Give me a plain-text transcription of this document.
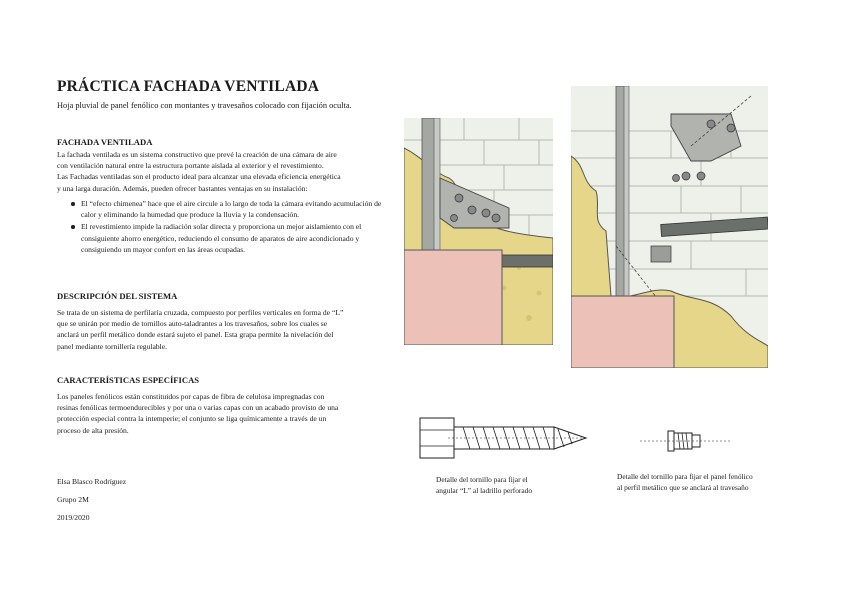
PRÁCTICA FACHADA VENTILADA
Hoja pluvial de panel fenólico con montantes y travesaños colocado con fijación oculta.
FACHADA VENTILADA

La fachada ventilada es un sistema constructivo que prevé la creación de una cámara de aire

con ventilación natural entre la estructura portante aislada al exterior y el revestimiento.

Las Fachadas ventiladas son el producto ideal para alcanzar una elevada eficiencia energética

y una larga duración. Además, pueden ofrecer bastantes ventajas en su instalación:

El “efecto chimenea” hace que el aire circule a lo largo de toda la cámara evitando acumulación de calor y eliminando la humedad que produce la lluvia y la condensación.
El revestimiento impide la radiación solar directa y proporciona un mejor aislamiento con el consiguiente ahorro energético, reduciendo el consumo de aparatos de aire acondicionado y consiguiendo un mayor confort en las áreas ocupadas.
DESCRIPCIÓN DEL SISTEMA

Se trata de un sistema de perfilaría cruzada, compuesto por perfiles verticales en forma de “L”

que se unirán por medio de tornillos auto-taladrantes a los travesaños, sobre los cuales se

anclará un perfil metálico donde estará sujeto el panel. Esta grapa permite la nivelación del

panel mediante tornillería regulable.

CARACTERÍSTICAS ESPECÍFICAS

Los paneles fenólicos están constituidos por capas de fibra de celulosa impregnadas con

resinas fenólicas termoendurecibles y por una o varias capas con un acabado provisto de una

protección especial contra la intemperie; el conjunto se liga químicamente a través de un

proceso de alta presión.

Elsa Blasco Rodríguez
Grupo 2M
2019/2020
Detalle del tornillo para fijar el
angular “L” al ladrillo perforado
Detalle del tornillo para fijar el panel fenólico
al perfil metálico que se anclará al travesaño
